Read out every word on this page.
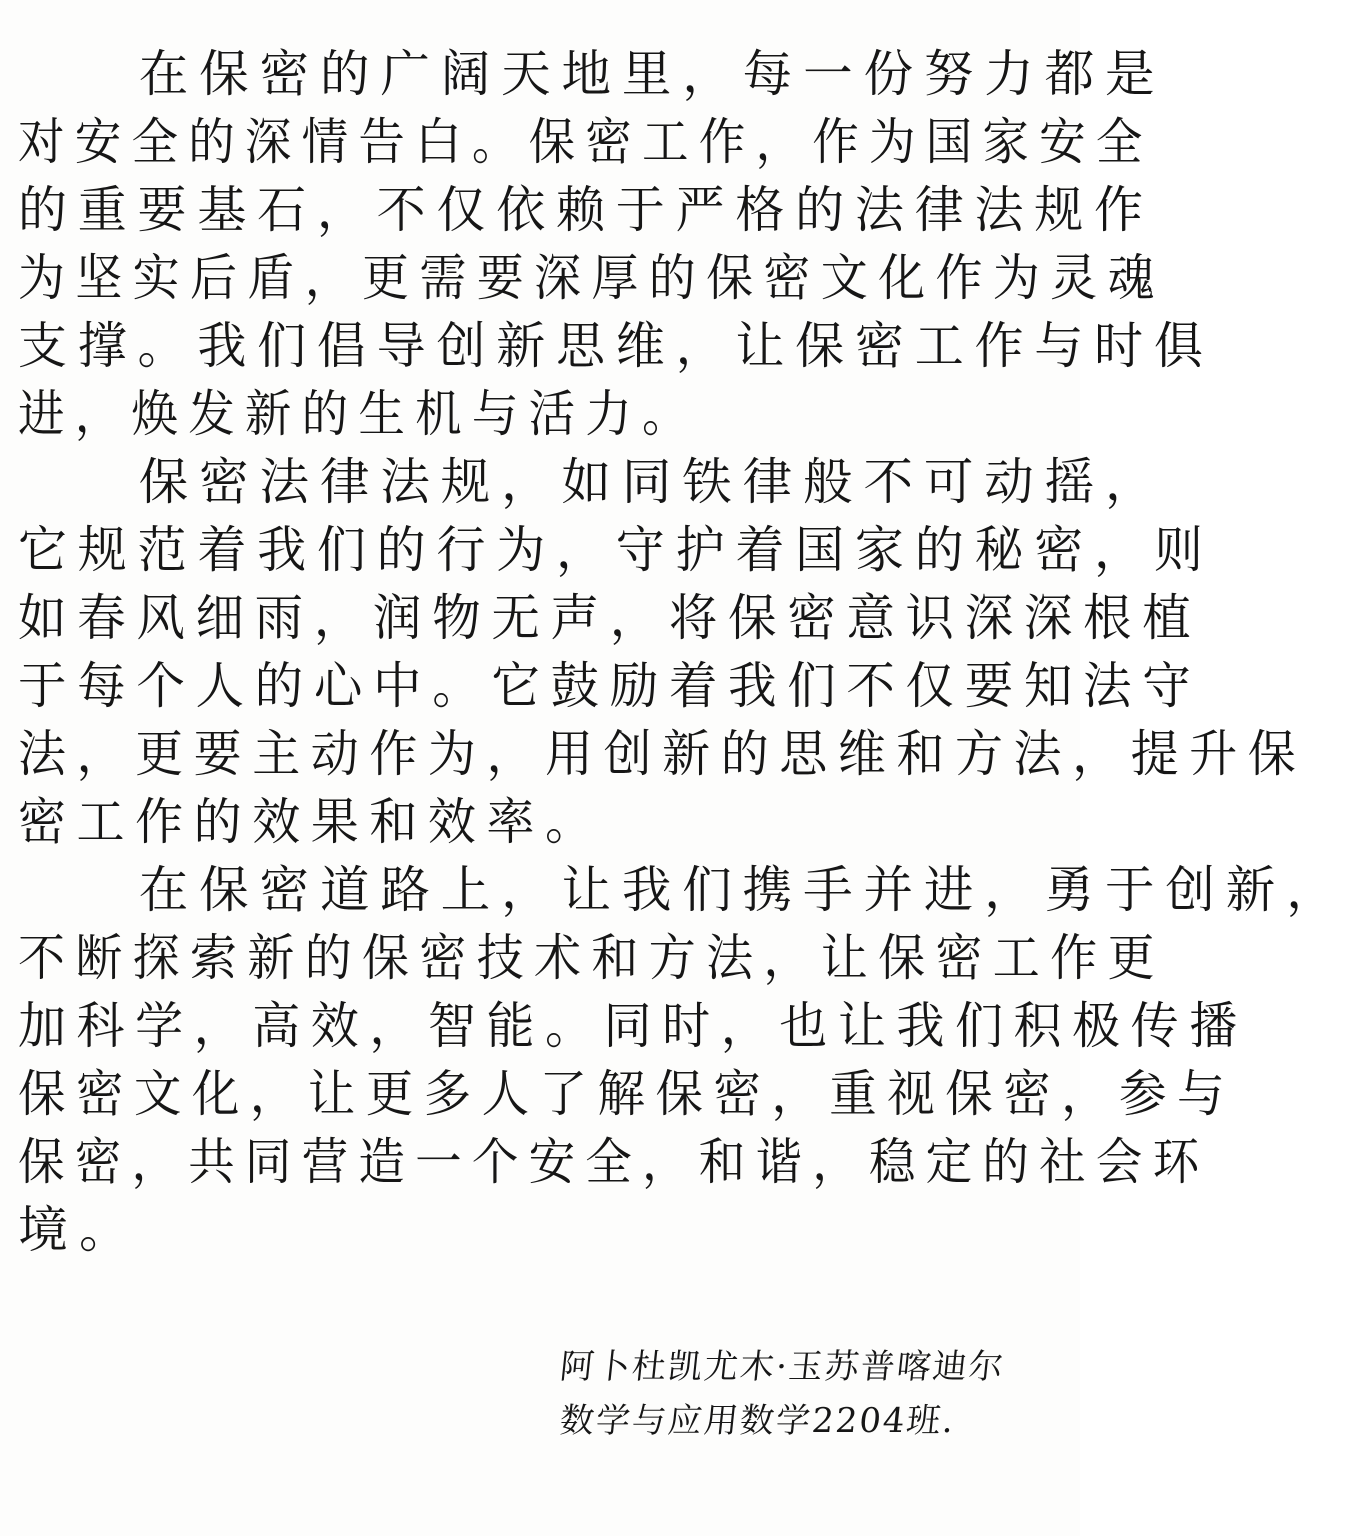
　　在保密的广阔天地里，每一份努力都是
对安全的深情告白。保密工作，作为国家安全
的重要基石，不仅依赖于严格的法律法规作
为坚实后盾，更需要深厚的保密文化作为灵魂
支撑。我们倡导创新思维，让保密工作与时俱
进，焕发新的生机与活力。
　　保密法律法规，如同铁律般不可动摇，
它规范着我们的行为，守护着国家的秘密，则
如春风细雨，润物无声，将保密意识深深根植
于每个人的心中。它鼓励着我们不仅要知法守
法，更要主动作为，用创新的思维和方法，提升保
密工作的效果和效率。
　　在保密道路上，让我们携手并进，勇于创新，
不断探索新的保密技术和方法，让保密工作更
加科学，高效，智能。同时，也让我们积极传播
保密文化，让更多人了解保密，重视保密，参与
保密，共同营造一个安全，和谐，稳定的社会环
境。
阿卜杜凯尤木·玉苏普喀迪尔
数学与应用数学2204班.
